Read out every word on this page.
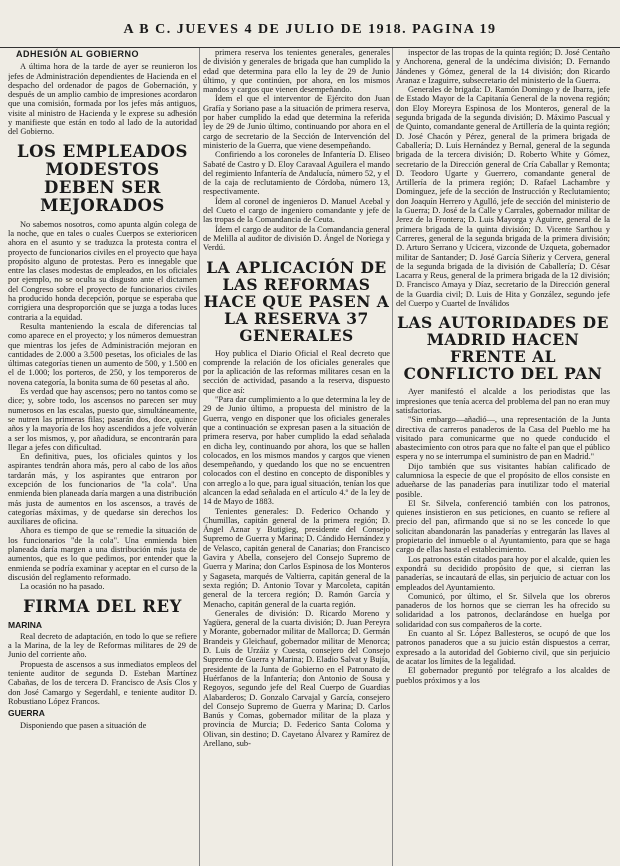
A B C. JUEVES 4 DE JULIO DE 1918. PAGINA 19
ADHESIÓN AL GOBIERNO

A última hora de la tarde de ayer se reunieron los jefes de Administración dependientes de Hacienda en el despacho del ordenador de pagos de Gobernación, y después de un amplio cambio de impresiones acordaron que una comisión, formada por los jefes más antiguos, visite al ministro de Hacienda y le exprese su adhesión y manifieste que están en todo al lado de la autoridad del Gobierno.

LOS EMPLEADOS MODESTOS DEBEN SER MEJORADOS

No sabemos nosotros, como apunta algún colega de la noche, que en tales o cuales Cuerpos se exterioricen ahora en el asunto y se traduzca la protesta contra el proyecto de funcionarios civiles en el proyecto que haya propósito alguno de protestas. Pero es innegable que entre las clases modestas de empleados, en los oficiales por ejemplo, no se oculta su disgusto ante el dictamen del Congreso sobre el proyecto de funcionarios civiles ha producido honda decepción, porque se esperaba que corrigiera una desproporción que se juzga a todas luces contraria a la equidad.

Resulta manteniendo la escala de diferencias tal como aparece en el proyecto; y los números demuestran que mientras los jefes de Administración mejoran en cantidades de 2.000 a 3.500 pesetas, los oficiales de las últimas categorías tienen un aumento de 500, y 1.500 en el de 1.000; los porteros, de 250, y los temporeros de novena categoría, la bonita suma de 60 pesetas al año.

Es verdad que hay ascensos; pero no tantos como se dice; y, sobre todo, los ascensos no parecen ser muy numerosos en las escalas, puesto que, simultáneamente, se nutren las primeras filas; pasarán dos, doce, quince años y la mayoría de los hoy ascendidos a jefe volverán a ser los mismos, y, por añadidura, se encontrarán para llegar a jefes con dificultad.

En definitiva, pues, los oficiales quintos y los aspirantes tendrán ahora más, pero al cabo de los años tardarán más, y los aspirantes que entraron por excepción de los funcionarios de "la cola". Una enmienda bien planeada daría margen a una distribución más justa de aumentos en los ascensos, a través de categorías máximas, y de quedarse sin derechos los auxiliares de oficina.

Ahora es tiempo de que se remedie la situación de los funcionarios "de la cola". Una enmienda bien planeada daría margen a una distribución más justa de aumentos, que es lo que pedimos, por entender que la enmienda se podría examinar y aceptar en el curso de la discusión del reglamento reformado.

La ocasión no ha pasado.

FIRMA DEL REY
MARINA

Real decreto de adaptación, en todo lo que se refiere a la Marina, de la ley de Reformas militares de 29 de Junio del corriente año.

Propuesta de ascensos a sus inmediatos empleos del teniente auditor de segunda D. Esteban Martínez Cabañas, de los de tercera D. Francisco de Asís Clos y don José Camargo y Segerdahl, e teniente auditor D. Robustiano López Francos.

GUERRA

Disponiendo que pasen a situación de

primera reserva los tenientes generales, generales de división y generales de brigada que han cumplido la edad que determina para ello la ley de 29 de Junio último, y que continúen, por ahora, en los mismos mandos y cargos que vienen desempeñando.

Ídem el que el interventor de Ejército don Juan Grafía y Soriano pase a la situación de primera reserva, por haber cumplido la edad que determina la referida ley de 29 de Junio último, continuando por ahora en el cargo de secretario de la Sección de Intervención del ministerio de la Guerra, que viene desempeñando.

Confiriendo a los coroneles de Infantería D. Eliseo Sabaté de Castro y D. Eloy Caravaal Aguilera el mando del regimiento Infantería de Andalucía, número 52, y el de la caja de reclutamiento de Córdoba, número 13, respectivamente.

Ídem al coronel de ingenieros D. Manuel Acebal y del Cueto el cargo de ingeniero comandante y jefe de las tropas de la Comandancia de Ceuta.

Ídem el cargo de auditor de la Comandancia general de Melilla al auditor de división D. Ángel de Noriega y Verdú.

LA APLICACIÓN DE LAS REFORMAS HACE QUE PASEN A LA RESERVA 37 GENERALES

Hoy publica el Diario Oficial el Real decreto que comprende la relación de los oficiales generales que por la aplicación de las reformas militares cesan en la sección de actividad, pasando a la reserva, dispuesto que dice así:

"Para dar cumplimiento a lo que determina la ley de 29 de Junio último, a propuesta del ministro de la Guerra, vengo en disponer que los oficiales generales que a continuación se expresan pasen a la situación de primera reserva, por haber cumplido la edad señalada en dicha ley, continuando por ahora, los que se hallen colocados, en los mismos mandos y cargos que vienen desempeñando, y quedando los que no se encuentren colocados con el destino en concepto de disponibles y con arreglo a lo que, para igual situación, tenían los que alcancen la edad señalada en el artículo 4.º de la ley de 14 de Mayo de 1883.

Tenientes generales: D. Federico Ochando y Chumillas, capitán general de la primera región; D. Ángel Aznar y Butigieg, presidente del Consejo Supremo de Guerra y Marina; D. Cándido Hernández y de Velasco, capitán general de Canarias; don Francisco Gavira y Abella, consejero del Consejo Supremo de Guerra y Marina; don Carlos Espinosa de los Monteros y Sagaseta, marqués de Valtierra, capitán general de la sexta región; D. Antonio Tovar y Marcoleta, capitán general de la tercera región; D. Ramón García y Menacho, capitán general de la cuarta región.

Generales de división: D. Ricardo Moreno y Yagüera, general de la cuarta división; D. Juan Pereyra y Morante, gobernador militar de Mallorca; D. Germán Brandeis y Gleichauf, gobernador militar de Menorca; D. Luis de Urzáiz y Cuesta, consejero del Consejo Supremo de Guerra y Marina; D. Eladio Salvat y Bujía, presidente de la Junta de Gobierno en el Patronato de Huérfanos de la Infantería; don Antonio de Sousa y Regoyos, segundo jefe del Real Cuerpo de Guardias Alabarderos; D. Gonzalo Carvajal y García, consejero del Consejo Supremo de Guerra y Marina; D. Carlos Banús y Comas, gobernador militar de la plaza y provincia de Murcia; D. Federico Santa Coloma y Olivan, sin destino; D. Cayetano Álvarez y Ramírez de Arellano, sub-

inspector de las tropas de la quinta región; D. José Centaño y Anchorena, general de la undécima división; D. Fernando Jándenes y Gómez, general de la 14 división; don Ricardo Aranaz e Izaguirre, subsecretario del ministerio de la Guerra.

Generales de brigada: D. Ramón Domingo y de Ibarra, jefe de Estado Mayor de la Capitanía General de la novena región; don Eloy Moreyra Espinosa de los Monteros, general de la segunda brigada de la segunda división; D. Máximo Pascual y de Quinto, comandante general de Artillería de la quinta región; D. José Chacón y Pérez, general de la primera brigada de Caballería; D. Luis Hernández y Bernal, general de la segunda brigada de la tercera división; D. Roberto White y Gómez, secretario de la Dirección general de Cría Caballar y Remonta; D. Teodoro Ugarte y Guerrero, comandante general de Artillería de la primera región; D. Rafael Lachambre y Dominguez, jefe de la sección de Instrucción y Reclutamiento; don Joaquín Herrero y Agulló, jefe de sección del ministerio de la Guerra; D. José de la Calle y Carrales, gobernador militar de Jerez de la Frontera; D. Luis Mayorga y Aguirre, general de la primera brigada de la quinta división; D. Vicente Sarthou y Carreres, general de la segunda brigada de la primera división; D. Arturo Serrano y Ucicera, vizconde de Uzqueta, gobernador militar de Santander; D. José García Siñeriz y Cervera, general de la segunda brigada de la división de Caballería; D. César Lacarra y Reus, general de la primera brigada de la 12 división; D. Francisco Amaya y Díaz, secretario de la Dirección general de la Guardia civil; D. Luis de Hita y González, segundo jefe del Cuerpo y Cuartel de Inválidos

LAS AUTORIDADES DE MADRID HACEN FRENTE AL CONFLICTO DEL PAN

Ayer manifestó el alcalde a los periodistas que las impresiones que tenía acerca del problema del pan no eran muy satisfactorias.

"Sin embargo—añadió—, una representación de la Junta directiva de carreros panaderos de la Casa del Pueblo me ha visitado para comunicarme que no quede conducido el abastecimiento con otros para que no falte el pan que el público espera y no se interrumpa el suministro de pan en Madrid."

Dijo también que sus visitantes habían calificado de calumniosa la especie de que el propósito de ellos consiste en adueñarse de las panaderías para inutilizar todo el material posible.

El Sr. Silvela, conferenció también con los patronos, quienes insistieron en sus peticiones, en cuanto se refiere al precio del pan, afirmando que si no se les concede lo que solicitan abandonarán las panaderías y entregarán las llaves al propietario del inmueble o al Ayuntamiento, para que se haga cargo de ellas hasta el establecimiento.

Los patronos están citados para hoy por el alcalde, quien les expondrá su decidido propósito de que, si cierran las panaderías, se incautará de ellas, sin perjuicio de actuar con los empleados del Ayuntamiento.

Comunicó, por último, el Sr. Silvela que los obreros panaderos de los hornos que se cierran les ha ofrecido su solidaridad a los patronos, declarándose en huelga por solidaridad con sus compañeros de la corte.

En cuanto al Sr. López Ballesteros, se ocupó de que los patronos panaderos que a su juicio están dispuestos a cerrar, expresado a la autoridad del Gobierno civil, que sin perjuicio de acatar los límites de la legalidad.

El gobernador preguntó por telégrafo a los alcaldes de pueblos próximos y a los
